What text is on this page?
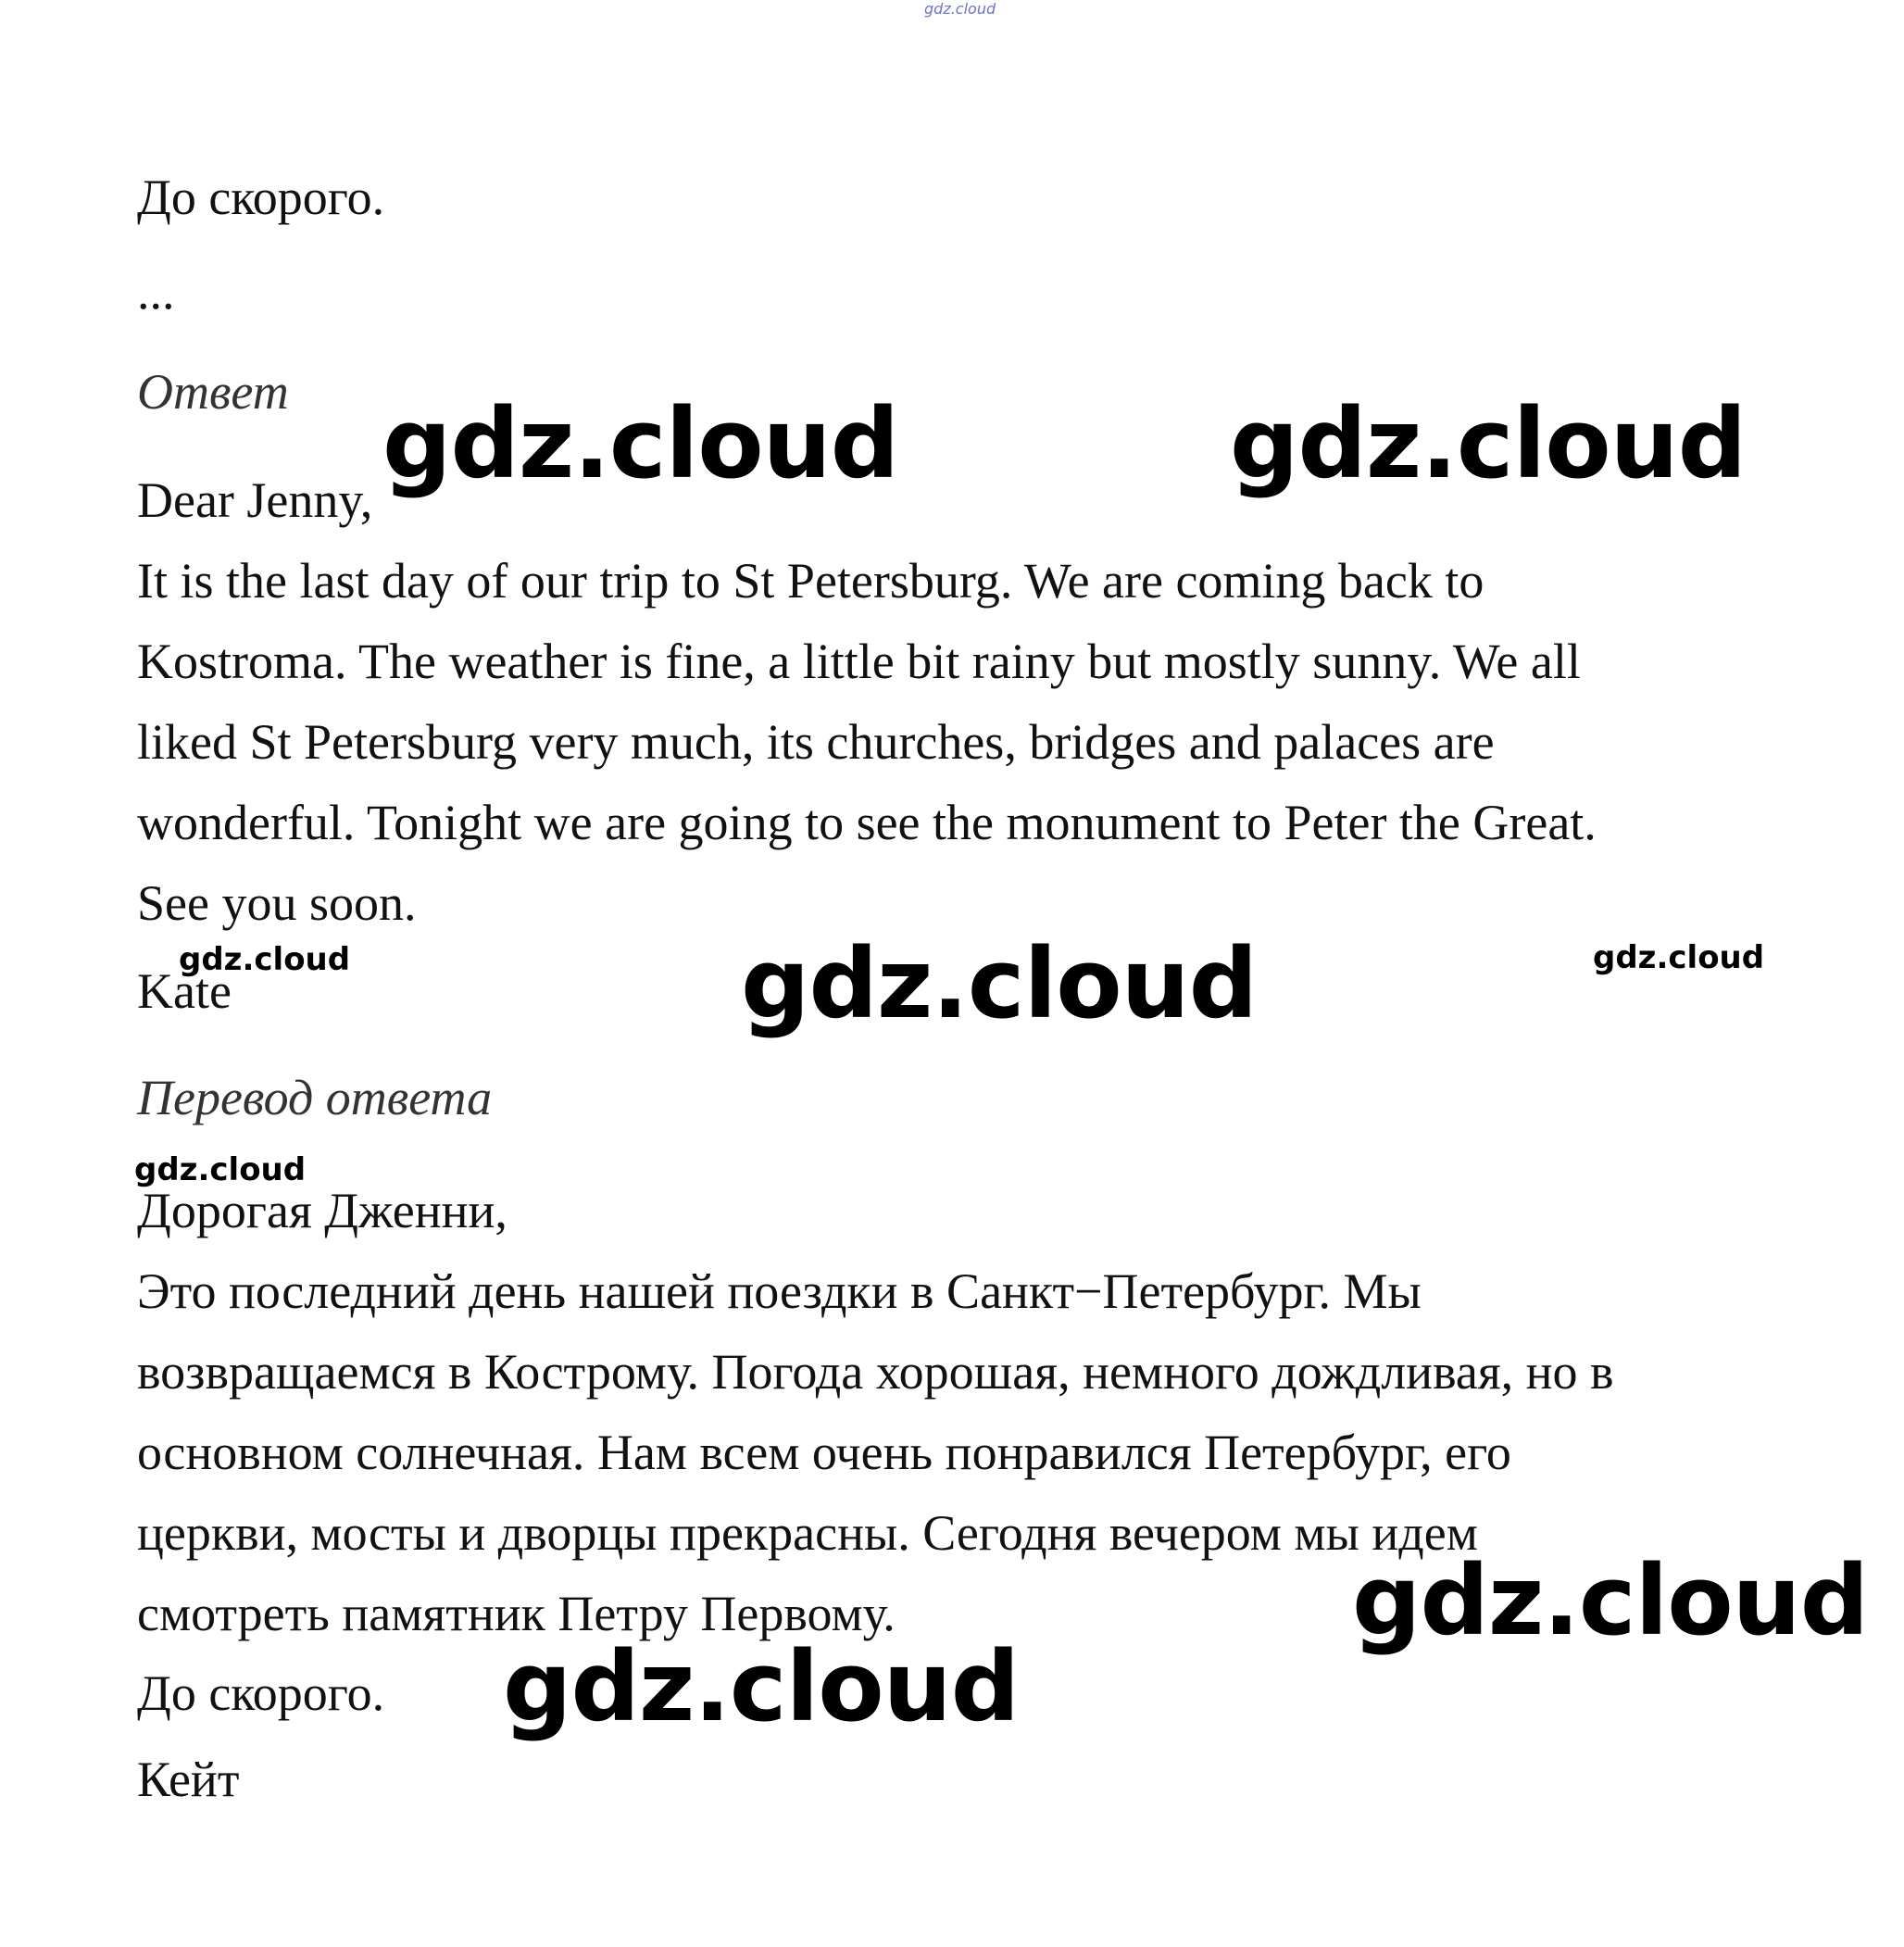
gdz.cloud
До скорого.
...
Ответ
Dear Jenny,
It is the last day of our trip to St Petersburg. We are coming back to
Kostroma. The weather is fine, a little bit rainy but mostly sunny. We all
liked St Petersburg very much, its churches, bridges and palaces are
wonderful. Tonight we are going to see the monument to Peter the Great.
See you soon.
Kate
Перевод ответа
Дорогая Дженни,
Это последний день нашей поездки в Санкт−Петербург. Мы
возвращаемся в Кострому. Погода хорошая, немного дождливая, но в
основном солнечная. Нам всем очень понравился Петербург, его
церкви, мосты и дворцы прекрасны. Сегодня вечером мы идем
смотреть памятник Петру Первому.
До скорого.
Кейт
gdz.cloud	gdz.cloud
gdz.cloud
gdz.cloud	gdz.cloud
gdz.cloud
gdz.cloud
gdz.cloud
